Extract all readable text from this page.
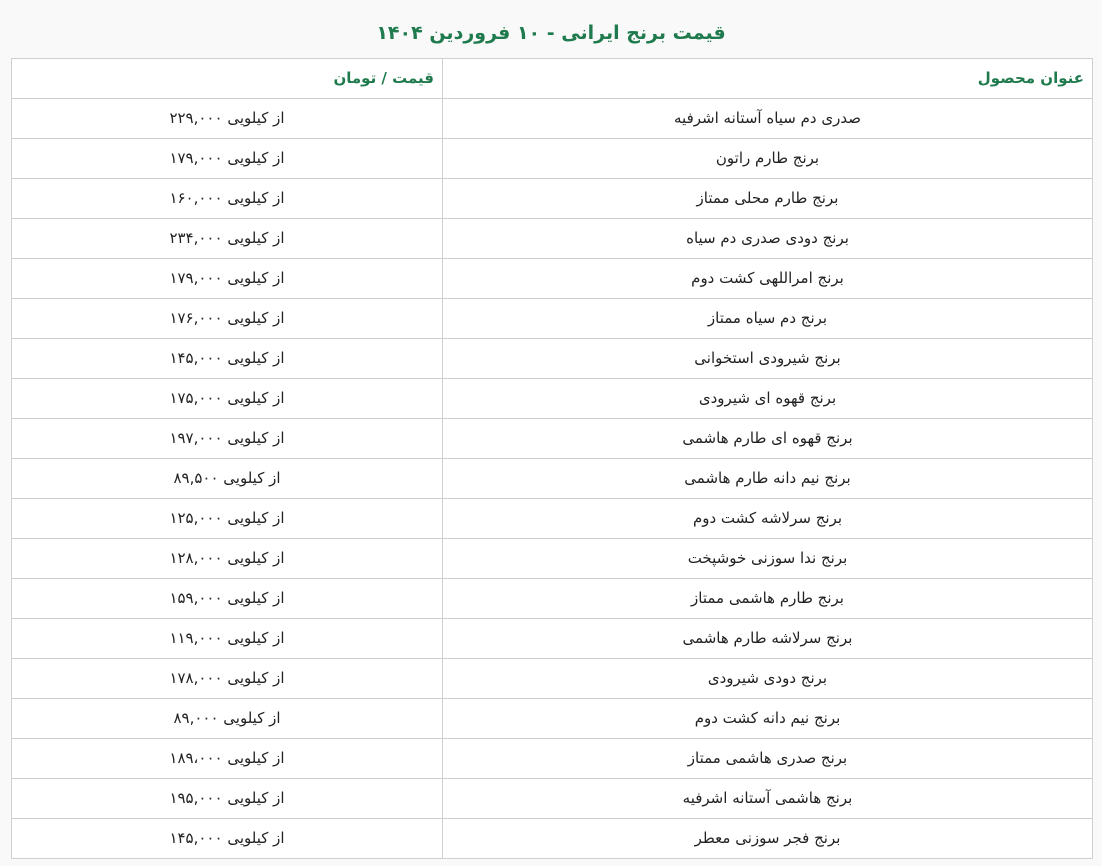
قیمت برنج ایرانی - ۱۰ فروردین ۱۴۰۴
عنوان محصول	قیمت / تومان
صدری دم سیاه آستانه اشرفیه	از کیلویی ۲۲۹,۰۰۰
برنج طارم راتون	از کیلویی ۱۷۹,۰۰۰
برنج طارم محلی ممتاز	از کیلویی ۱۶۰,۰۰۰
برنج دودی صدری دم سیاه	از کیلویی ۲۳۴,۰۰۰
برنج امراللهی کشت دوم	از کیلویی ۱۷۹,۰۰۰
برنج دم سیاه ممتاز	از کیلویی ۱۷۶,۰۰۰
برنج شیرودی استخوانی	از کیلویی ۱۴۵,۰۰۰
برنج قهوه ای شیرودی	از کیلویی ۱۷۵,۰۰۰
برنج قهوه ای طارم هاشمی	از کیلویی ۱۹۷,۰۰۰
برنج نیم دانه طارم هاشمی	از کیلویی ۸۹,۵۰۰
برنج سرلاشه کشت دوم	از کیلویی ۱۲۵,۰۰۰
برنج ندا سوزنی خوشپخت	از کیلویی ۱۲۸,۰۰۰
برنج طارم هاشمی ممتاز	از کیلویی ۱۵۹,۰۰۰
برنج سرلاشه طارم هاشمی	از کیلویی ۱۱۹,۰۰۰
برنج دودی شیرودی	از کیلویی ۱۷۸,۰۰۰
برنج نیم دانه کشت دوم	از کیلویی ۸۹,۰۰۰
برنج صدری هاشمی ممتاز	از کیلویی ۱۸۹،۰۰۰
برنج هاشمی آستانه اشرفیه	از کیلویی ۱۹۵,۰۰۰
برنج فجر سوزنی معطر	از کیلویی ۱۴۵,۰۰۰
